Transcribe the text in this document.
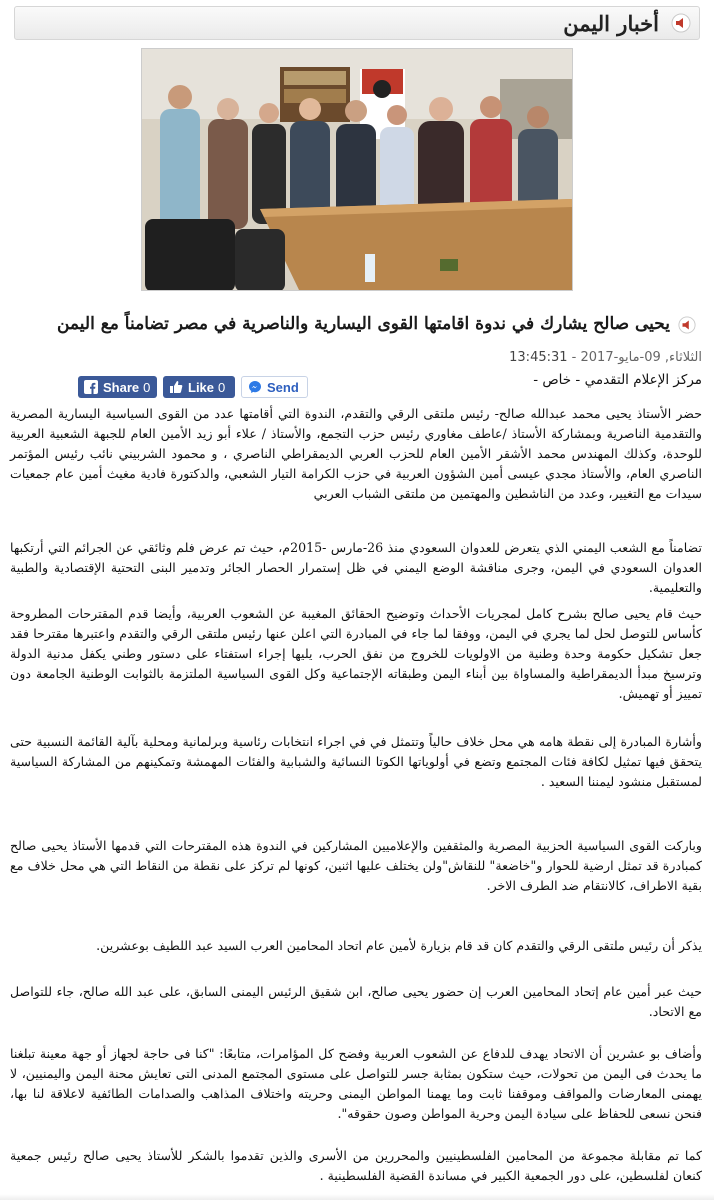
أخبار اليمن
يحيى صالح يشارك في ندوة اقامتها القوى اليسارية والناصرية في مصر تضامناً مع اليمن
الثلاثاء, 09-مايو-2017 - 13:45:31
مركز الإعلام التقدمي - خاص -
Share 0	Like 0	Send

حضر الأستاذ يحيى محمد عبدالله صالح- رئيس ملتقى الرقي والتقدم، الندوة التي أقامتها عدد من القوى السياسية اليسارية المصرية والتقدمية الناصرية وبمشاركة الأستاذ /عاطف مغاوري رئيس حزب التجمع، والأستاذ / علاء أبو زيد الأمين العام للجبهة الشعبية العربية للوحدة، وكذلك المهندس محمد الأشقر الأمين العام للحزب العربي الديمقراطي الناصري ، و محمود الشربيني نائب رئيس المؤتمر الناصري العام، والأستاذ مجدي عيسى أمين الشؤون العربية في حزب الكرامة التيار الشعبي، والدكتورة فادية مغيث أمين عام جمعيات سيدات مع التغيير، وعدد من الناشطين والمهتمين من ملتقى الشباب العربي

تضامناً مع الشعب اليمني الذي يتعرض للعدوان السعودي منذ 26-مارس -2015م، حيث تم عرض فلم وثائقي عن الجرائم التي أرتكبها العدوان السعودي في اليمن، وجرى مناقشة الوضع اليمني في ظل إستمرار الحصار الجائر وتدمير البنى التحتية الإقتصادية والطبية والتعليمية.

حيث قام يحيى صالح بشرح كامل لمجريات الأحداث وتوضيح الحقائق المغيبة عن الشعوب العربية، وأيضا قدم المقترحات المطروحة كأساس للتوصل لحل لما يجري في اليمن، ووفقا لما جاء في المبادرة التي اعلن عنها رئيس ملتقى الرقي والتقدم واعتبرها مقترحا فقد جعل تشكيل حكومة وحدة وطنية من الاولويات للخروج من نفق الحرب، يليها إجراء استفتاء على دستور وطني يكفل مدنية الدولة وترسيخ مبدأ الديمقراطية والمساواة بين أبناء اليمن وطبقاته الإجتماعية وكل القوى السياسية الملتزمة بالثوابت الوطنية الجامعة دون تمييز أو تهميش.

وأشارة المبادرة إلى نقطة هامه هي محل خلاف حالياً وتتمثل في في اجراء انتخابات رئاسية وبرلمانية ومحلية بآلية القائمة النسبية حتى يتحقق فيها تمثيل لكافة فئات المجتمع وتضع في أولوياتها الكوتا النسائية والشبابية والفئات المهمشة وتمكينهم من المشاركة السياسية لمستقبل منشود ليمننا السعيد .

وباركت القوى السياسية الحزبية المصرية والمثقفين والإعلاميين المشاركين في الندوة هذه المقترحات التي قدمها الأستاذ يحيى صالح كمبادرة قد تمثل ارضية للحوار و"خاضعة" للنقاش"ولن يختلف عليها اثنين، كونها لم تركز على نقطة من النقاط التي هي محل خلاف مع بقية الاطراف، كالانتقام ضد الطرف الاخر.

يذكر أن رئيس ملتقى الرقي والتقدم كان قد قام بزيارة لأمين عام اتحاد المحامين العرب السيد عبد اللطيف بوعشرين.

حيث عبر أمين عام إتحاد المحامين العرب إن حضور يحيى صالح، ابن شقيق الرئيس اليمنى السابق، على عبد الله صالح، جاء للتواصل مع الاتحاد.

وأضاف بو عشرين أن الاتحاد يهدف للدفاع عن الشعوب العربية وفضح كل المؤامرات، متابعًا: "كنا فى حاجة لجهاز أو جهة معينة تبلغنا ما يحدث فى اليمن من تحولات، حيث ستكون بمثابة جسر للتواصل على مستوى المجتمع المدنى التى تعايش محنة اليمن واليمنيين، لا يهمنى المعارضات والمواقف وموقفنا ثابت وما يهمنا المواطن اليمنى وحريته واختلاف المذاهب والصدامات الطائفية لاعلاقة لنا بها، فنحن نسعى للحفاظ على سيادة اليمن وحرية المواطن وصون حقوقه".

كما تم مقابلة مجموعة من المحامين الفلسطينيين والمحررين من الأسرى والذين تقدموا بالشكر للأستاذ يحيى صالح رئيس جمعية كنعان لفلسطين، على دور الجمعية الكبير في مساندة القضية الفلسطينية .
